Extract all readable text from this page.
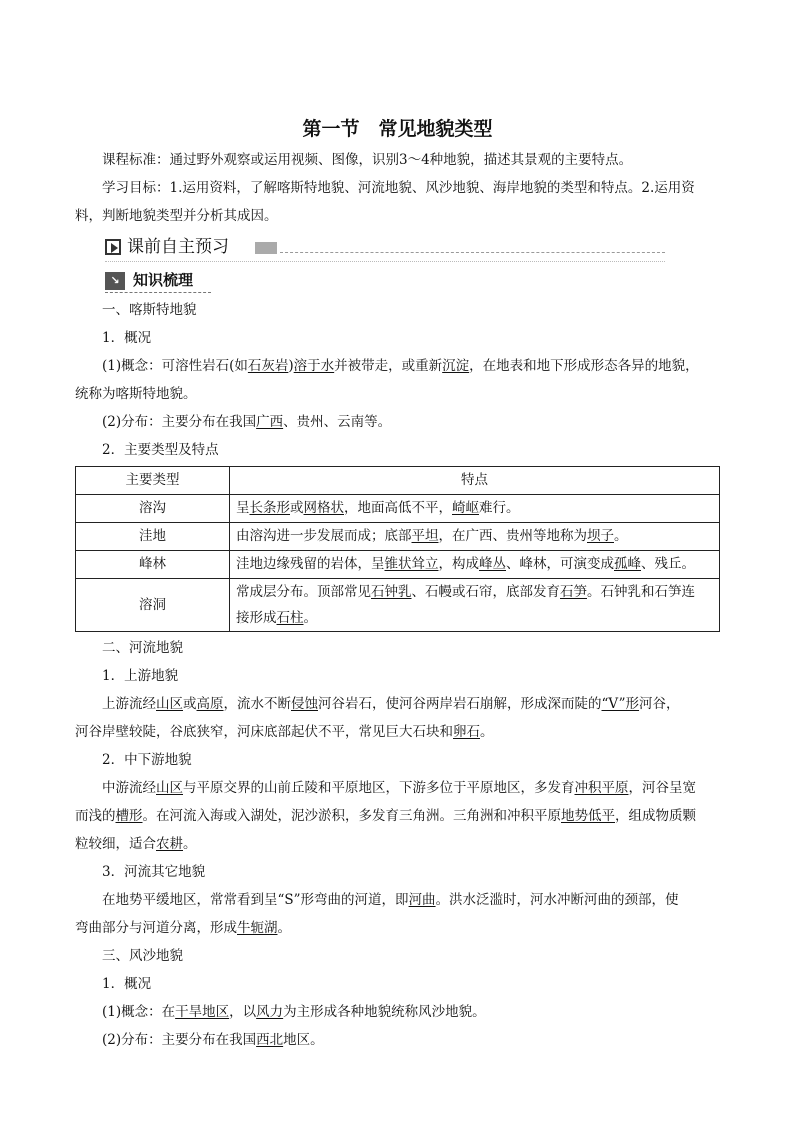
第一节　常见地貌类型

课程标准：通过野外观察或运用视频、图像，识别3～4种地貌，描述其景观的主要特点。

学习目标：1.运用资料，了解喀斯特地貌、河流地貌、风沙地貌、海岸地貌的类型和特点。2.运用资

料，判断地貌类型并分析其成因。

课前自主预习
↘ 知识梳理

一、喀斯特地貌

1．概况

(1)概念：可溶性岩石(如石灰岩)溶于水并被带走，或重新沉淀，在地表和地下形成形态各异的地貌，

统称为喀斯特地貌。

(2)分布：主要分布在我国广西、贵州、云南等。

2．主要类型及特点

主要类型	特点
溶沟	呈长条形或网格状，地面高低不平，崎岖难行。
洼地	由溶沟进一步发展而成；底部平坦，在广西、贵州等地称为坝子。
峰林	洼地边缘残留的岩体，呈锥状耸立，构成峰丛、峰林，可演变成孤峰、残丘。
溶洞	常成层分布。顶部常见石钟乳、石幔或石帘，底部发育石笋。石钟乳和石笋连
接形成石柱。

二、河流地貌

1．上游地貌

上游流经山区或高原，流水不断侵蚀河谷岩石，使河谷两岸岩石崩解，形成深而陡的“V”形河谷，

河谷岸壁较陡，谷底狭窄，河床底部起伏不平，常见巨大石块和卵石。

2．中下游地貌

中游流经山区与平原交界的山前丘陵和平原地区，下游多位于平原地区，多发育冲积平原，河谷呈宽

而浅的槽形。在河流入海或入湖处，泥沙淤积，多发育三角洲。三角洲和冲积平原地势低平，组成物质颗

粒较细，适合农耕。

3．河流其它地貌

在地势平缓地区，常常看到呈“S”形弯曲的河道，即河曲。洪水泛滥时，河水冲断河曲的颈部，使

弯曲部分与河道分离，形成牛轭湖。

三、风沙地貌

1．概况

(1)概念：在干旱地区，以风力为主形成各种地貌统称风沙地貌。

(2)分布：主要分布在我国西北地区。
